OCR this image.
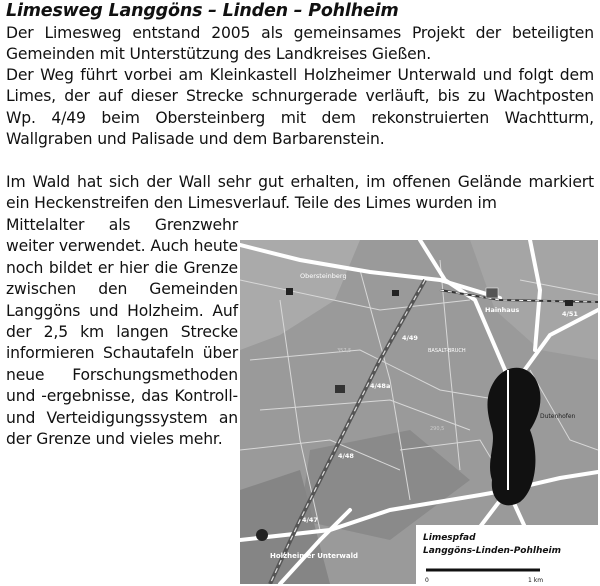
Limesweg Langgöns – Linden – Pohlheim
Der Limesweg entstand 2005 als gemeinsames Projekt der beteiligten Gemeinden mit Unterstützung des Landkreises Gießen.
Der Weg führt vorbei am Kleinkastell Holzheimer Unterwald und folgt dem Limes, der auf dieser Strecke schnurgerade verläuft, bis zu Wachtposten Wp. 4/49 beim Obersteinberg mit dem rekonstruierten Wachtturm, Wallgraben und Palisade und dem Barbarenstein.
Im Wald hat sich der Wall sehr gut erhalten, im offenen Gelände markiert ein Heckenstreifen den Limesverlauf. Teile des Limes wurden im
Mittelalter als Grenzwehr weiter verwendet. Auch heute noch bildet er hier die Grenze zwischen den Gemeinden Langgöns und Holzheim. Auf der 2,5 km langen Strecke informieren Schautafeln über neue Forschungsmethoden und -ergebnisse, das Kontroll- und Verteidigungssystem an der Grenze und vieles mehr.
Obersteinberg
4/49
4/48a
4/48
4/47
4/51
Hainhaus
BASALT-BRUCH
Dutenhofen
357,5
290,5
Holzheimer Unterwald
Limespfad
Langgöns-Linden-Pohlheim
0	1 km
